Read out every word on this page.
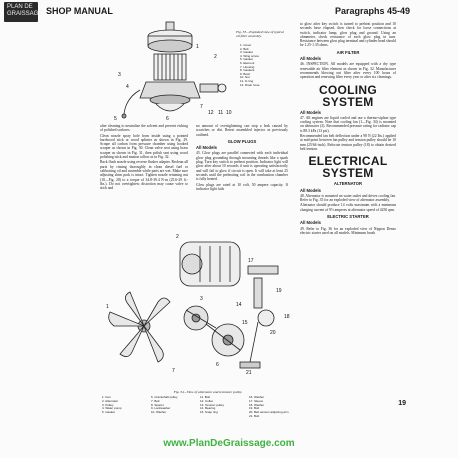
PLAN DE GRAISSAGE SHOP MANUAL	Paragraphs 45-49
1
2
3
4
7
12 11 10
5	6
Fig. 33—Exploded view of typical oil filter assembly.
1. Cover
2. Bolt
3. Gasket
4. Wing screw
5. Gasket
6. Element
7. Housing
8. Gaskets
9. Bowl
10. Nut
11. O-ring
12. Drain hose

after cleaning to neutralize the solvent and prevent etching of polished surfaces.

Clean nozzle spray hole from inside using a pointed hardwood stick or wood splinter as shown in Fig. 29. Scrape all carbon from pressure chamber using hooked scraper as shown in Fig. 30. Clean valve seat using brass scraper as shown in Fig. 31, then polish seat using wood polishing stick and mutton tallow as in Fig. 32.

Back flush nozzle using reverse flusher adapter. Reclean all parts by rinsing thoroughly in clean diesel fuel or calibrating oil and assemble while parts are wet. Make sure adjusting shim pack is intact. Tighten nozzle retaining nut (10—Fig. 28) to a torque of 34.8-39.4 N·m (25.6-29 ft.-lbs.). Do not overtighten; distortion may cause valve to stick and

no amount of overtightening can stop a leak caused by scratches or dirt. Retest assembled injector as previously outlined.

GLOW PLUGS
All Models

45. Glow plugs are parallel connected with each individual glow plug grounding through mounting threads like a spark plug. Turn key switch to preheat position. Indicator light will glow after about 10 seconds if unit is operating satisfactorily and will fail to glow if circuit is open. It will take at least 25 seconds until the preheating coil in the combustion chamber is fully heated.

Glow plugs are rated at 10 volt, 50 ampere capacity. If indicator light fails

to glow after key switch is turned to preheat position and 10 seconds have elapsed, then check for loose connections at switch, indicator lamp, glow plug and ground. Using an ohmmeter, check resistance of each glow plug in turn. Resistance between glow plug terminal and cylinder head should be 1.25-1.35 ohms.

AIR FILTER
All Models

46. INSPECTION. All models are equipped with a dry type renewable air filter element as shown in Fig. 32. Manufacturer recommends blowing out filter after every 100 hours of operation and renewing filter every year or after six cleanings.

COOLING
SYSTEM
All Models

47. All engines are liquid cooled and use a thermo-siphon type cooling system. Note that cooling fan (1—Fig. 34) is mounted on alternator (2). Recommended pressure rating for radiator cap is 88.3 kPa (13 psi).

Recommended fan belt deflection under a 98 N (22 lbs.) applied at mid-point between fan pulley and tension pulley should be 10 mm (25/64-inch). Relocate tension pulley (18) to obtain desired belt tension.

ELECTRICAL
SYSTEM
ALTERNATOR
All Models

48. Alternator is mounted on water outlet and drives cooling fan. Refer to Fig. 35 for an exploded view of alternator assembly.

Alternator should produce 14 volts maximum with a minimum charging current of 9½ amperes at alternator speed of 4250 rpm.

ELECTRIC STARTER
All Models

49. Refer to Fig. 36 for an exploded view of Nippon Denso electric starter used on all models. Minimum brush

1
2
3
17
19
18
20
21
6
7
14
15
Fig. 34—View of alternator and tensioner pulley.
1. Fan	6. Crankshaft pulley	11. Bolt	16. Washer
2. Alternator	7. Belt	12. Collar	17. Sleeve
3. Pulley	8. Spacer	13. Tension pulley	18. Washer
4. Water pump	9. Lockwasher	14. Bearing	19. Bolt
5. Gasket	10. Washer	15. Snap ring	20. Belt tension adjusting arm
21. Bolt
19
www.PlanDeGraissage.com
